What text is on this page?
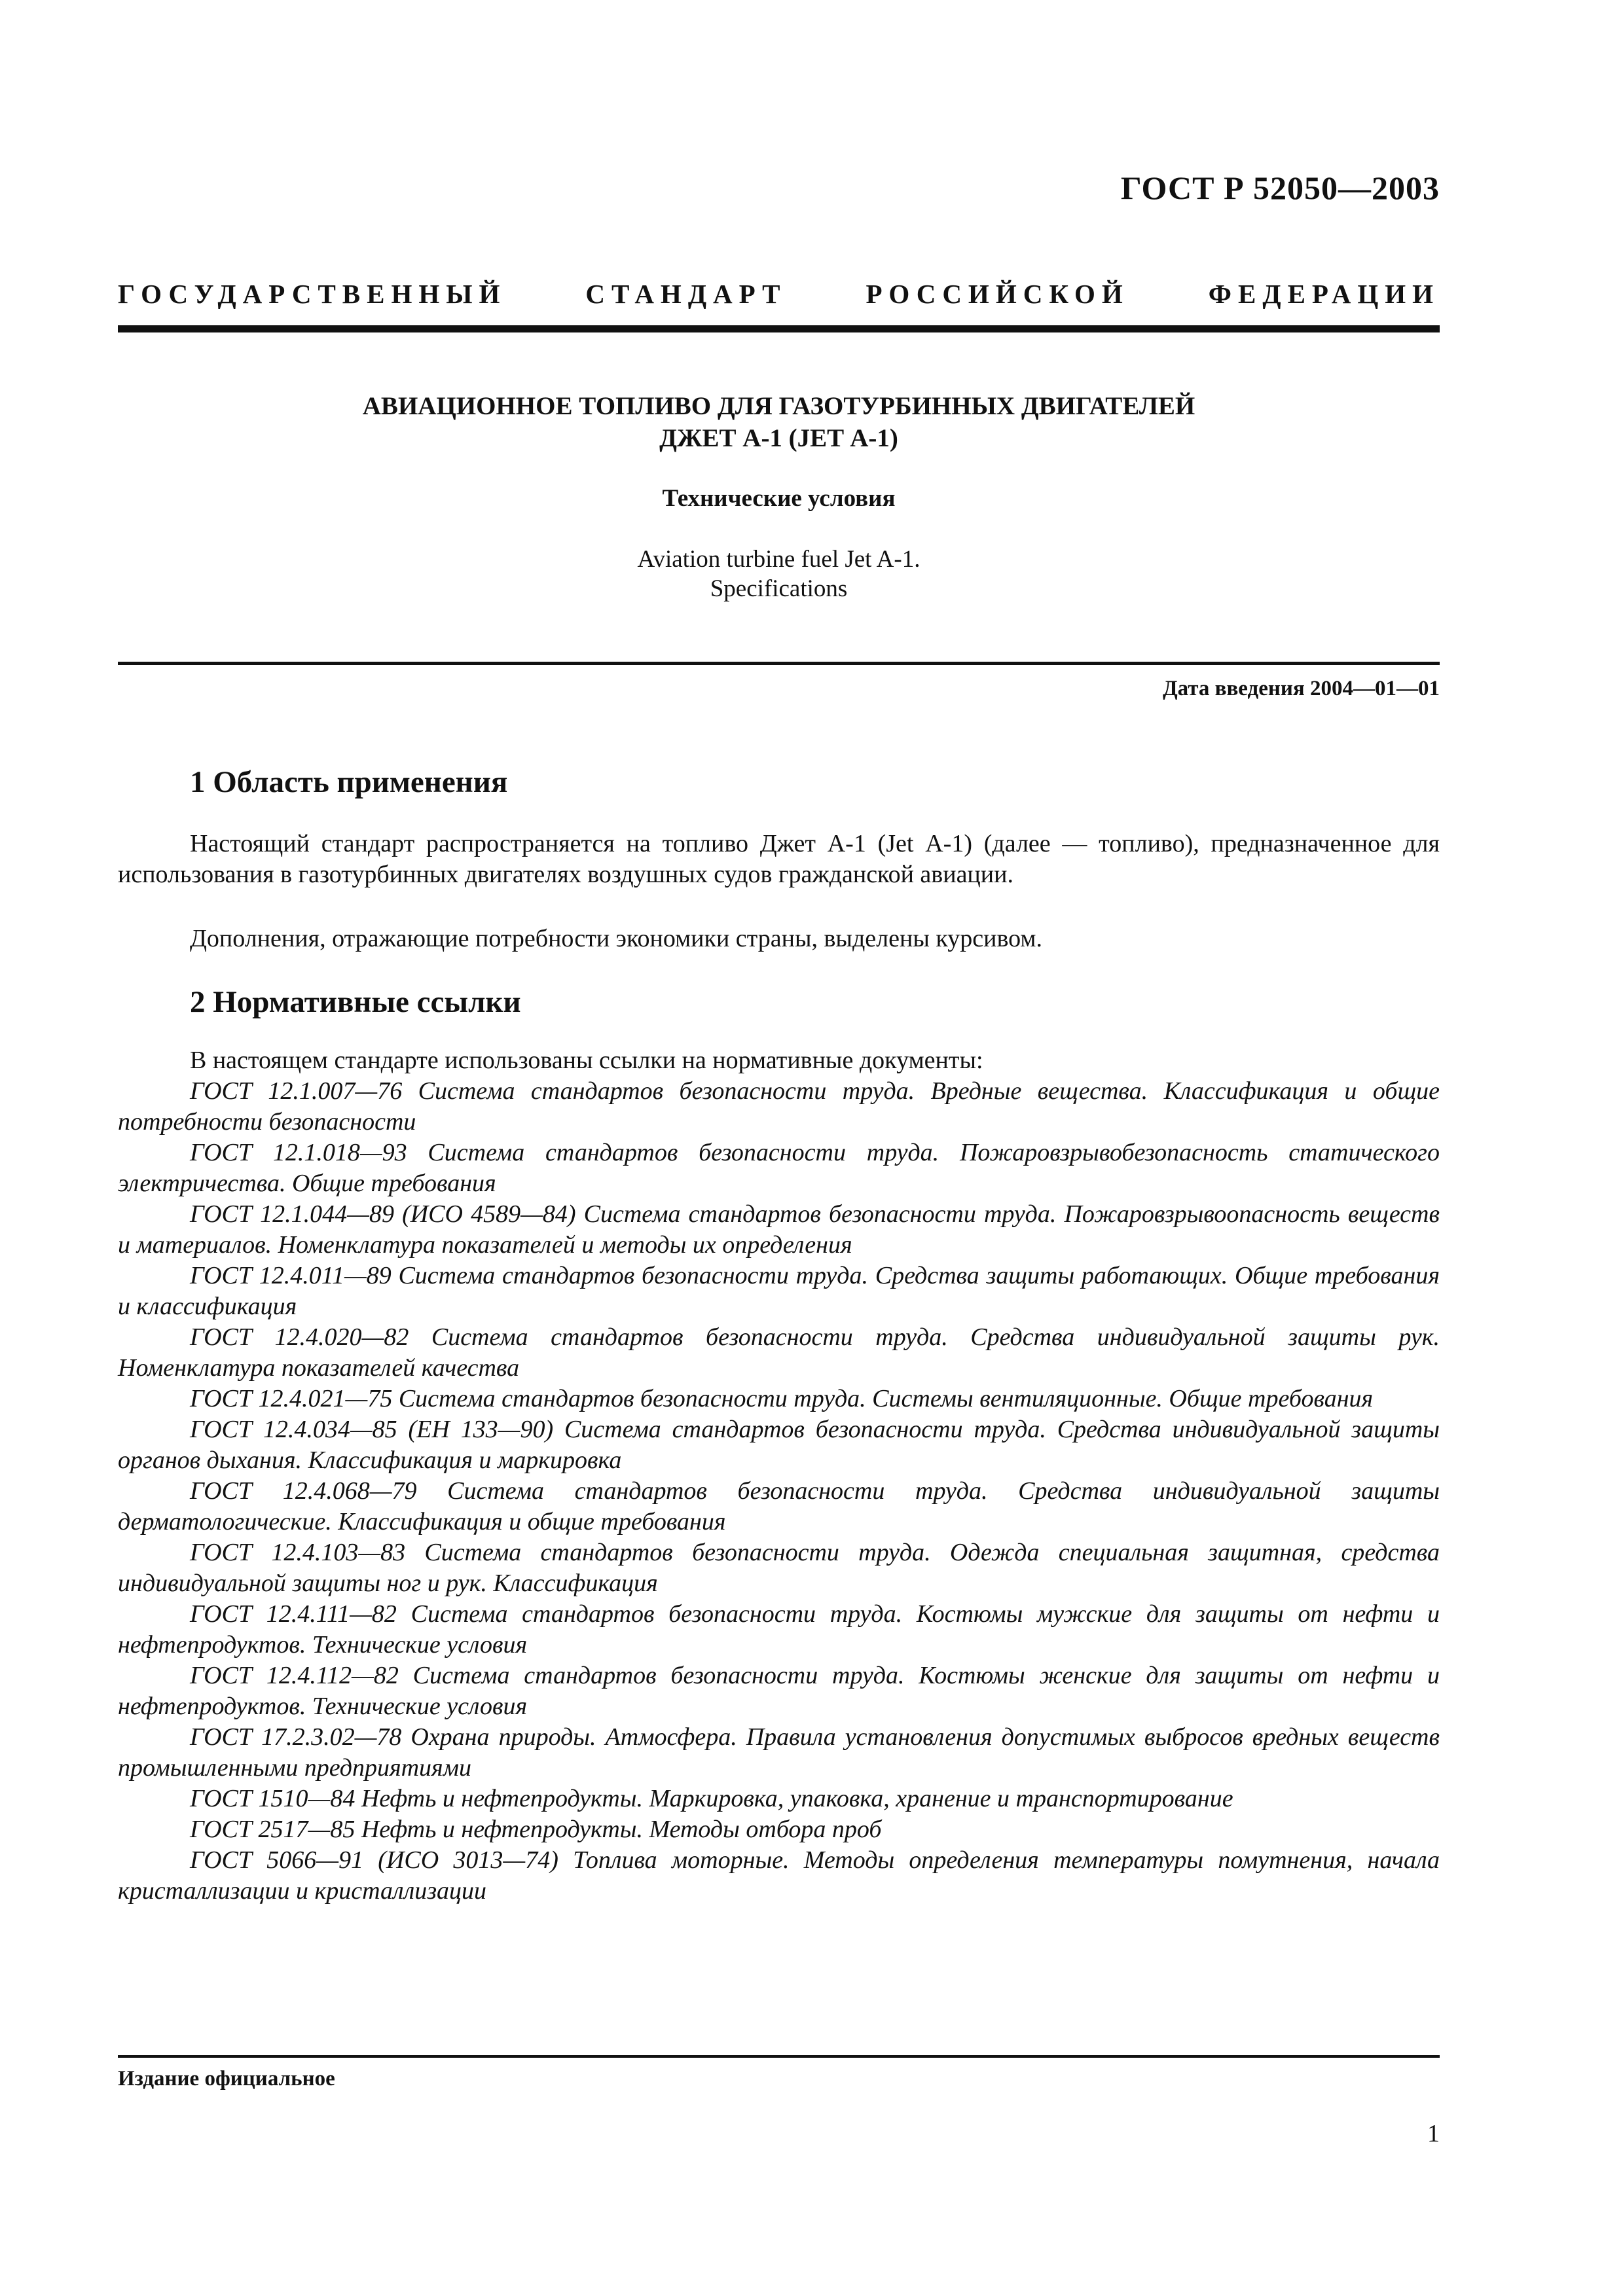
ГОСТ Р 52050—2003
ГОСУДАРСТВЕННЫЙ СТАНДАРТ РОССИЙСКОЙ ФЕДЕРАЦИИ
АВИАЦИОННОЕ ТОПЛИВО ДЛЯ ГАЗОТУРБИННЫХ ДВИГАТЕЛЕЙ
ДЖЕТ А-1 (JET А-1)
Технические условия
Aviation turbine fuel Jet A-1.
Specifications
Дата введения 2004—01—01
1 Область применения

Настоящий стандарт распространяется на топливо Джет А-1 (Jet А-1) (далее — топливо), предназначенное для использования в газотурбинных двигателях воздушных судов гражданской авиации.

Дополнения, отражающие потребности экономики страны, выделены курсивом.

2 Нормативные ссылки

В настоящем стандарте использованы ссылки на нормативные документы:

ГОСТ 12.1.007—76 Система стандартов безопасности труда. Вредные вещества. Классификация и общие потребности безопасности

ГОСТ 12.1.018—93 Система стандартов безопасности труда. Пожаровзрывобезопасность статического электричества. Общие требования

ГОСТ 12.1.044—89 (ИСО 4589—84) Система стандартов безопасности труда. Пожаровзрывоопасность веществ и материалов. Номенклатура показателей и методы их определения

ГОСТ 12.4.011—89 Система стандартов безопасности труда. Средства защиты работающих. Общие требования и классификация

ГОСТ 12.4.020—82 Система стандартов безопасности труда. Средства индивидуальной защиты рук. Номенклатура показателей качества

ГОСТ 12.4.021—75 Система стандартов безопасности труда. Системы вентиляционные. Общие требования

ГОСТ 12.4.034—85 (ЕН 133—90) Система стандартов безопасности труда. Средства индивидуальной защиты органов дыхания. Классификация и маркировка

ГОСТ 12.4.068—79 Система стандартов безопасности труда. Средства индивидуальной защиты дерматологические. Классификация и общие требования

ГОСТ 12.4.103—83 Система стандартов безопасности труда. Одежда специальная защитная, средства индивидуальной защиты ног и рук. Классификация

ГОСТ 12.4.111—82 Система стандартов безопасности труда. Костюмы мужские для защиты от нефти и нефтепродуктов. Технические условия

ГОСТ 12.4.112—82 Система стандартов безопасности труда. Костюмы женские для защиты от нефти и нефтепродуктов. Технические условия

ГОСТ 17.2.3.02—78 Охрана природы. Атмосфера. Правила установления допустимых выбросов вредных веществ промышленными предприятиями

ГОСТ 1510—84 Нефть и нефтепродукты. Маркировка, упаковка, хранение и транспортирование

ГОСТ 2517—85 Нефть и нефтепродукты. Методы отбора проб

ГОСТ 5066—91 (ИСО 3013—74) Топлива моторные. Методы определения температуры помутнения, начала кристаллизации и кристаллизации

Издание официальное
1
